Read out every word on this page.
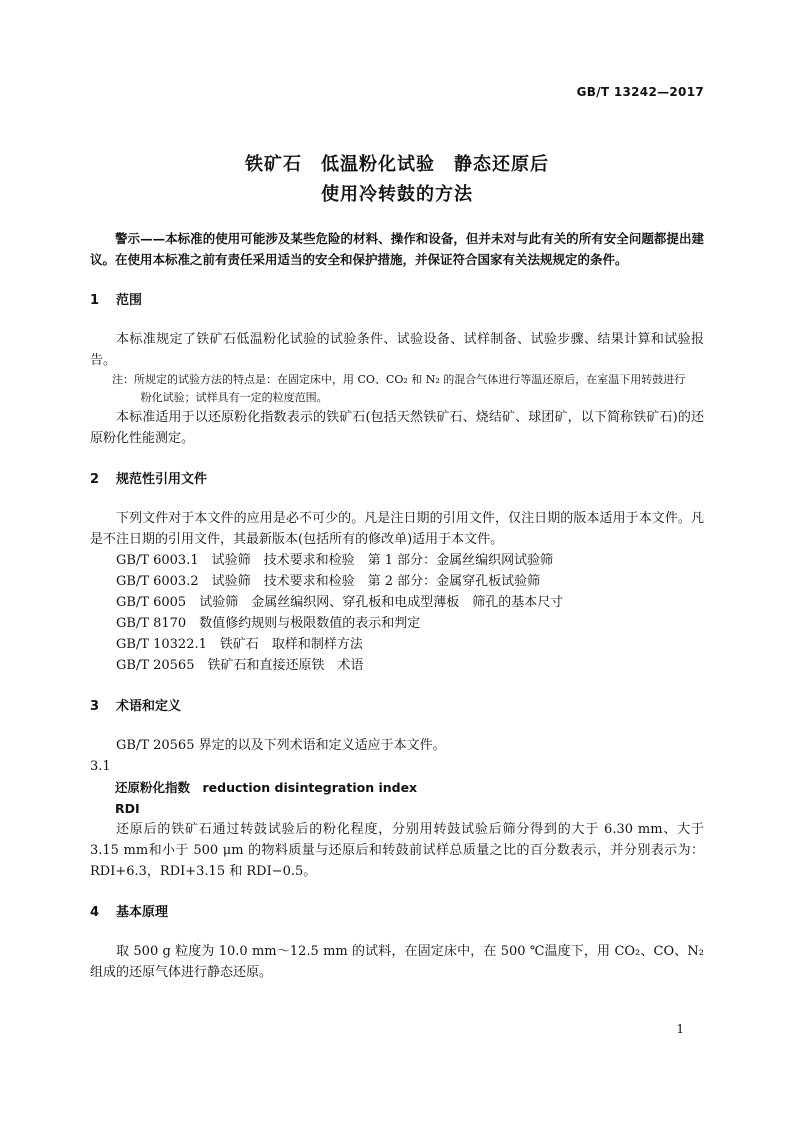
GB/T 13242—2017
铁矿石　低温粉化试验　静态还原后
使用冷转鼓的方法

警示——本标准的使用可能涉及某些危险的材料、操作和设备，但并未对与此有关的所有安全问题都提出建议。在使用本标准之前有责任采用适当的安全和保护措施，并保证符合国家有关法规规定的条件。

1 范围

本标准规定了铁矿石低温粉化试验的试验条件、试验设备、试样制备、试验步骤、结果计算和试验报告。

注：所规定的试验方法的特点是：在固定床中，用 CO、CO₂ 和 N₂ 的混合气体进行等温还原后，在室温下用转鼓进行
粉化试验；试样具有一定的粒度范围。

本标准适用于以还原粉化指数表示的铁矿石(包括天然铁矿石、烧结矿、球团矿，以下简称铁矿石)的还原粉化性能测定。

2 规范性引用文件

下列文件对于本文件的应用是必不可少的。凡是注日期的引用文件，仅注日期的版本适用于本文件。凡是不注日期的引用文件，其最新版本(包括所有的修改单)适用于本文件。

GB/T 6003.1　试验筛　技术要求和检验　第 1 部分：金属丝编织网试验筛
GB/T 6003.2　试验筛　技术要求和检验　第 2 部分：金属穿孔板试验筛
GB/T 6005　试验筛　金属丝编织网、穿孔板和电成型薄板　筛孔的基本尺寸
GB/T 8170　数值修约规则与极限数值的表示和判定
GB/T 10322.1　铁矿石　取样和制样方法
GB/T 20565　铁矿石和直接还原铁　术语
3 术语和定义

GB/T 20565 界定的以及下列术语和定义适应于本文件。

3.1
还原粉化指数　reduction disintegration index
RDI

还原后的铁矿石通过转鼓试验后的粉化程度，分别用转鼓试验后筛分得到的大于 6.30 mm、大于 3.15 mm和小于 500 μm 的物料质量与还原后和转鼓前试样总质量之比的百分数表示，并分别表示为：RDI+6.3，RDI+3.15 和 RDI−0.5。

4 基本原理

取 500 g 粒度为 10.0 mm～12.5 mm 的试料，在固定床中，在 500 ℃温度下，用 CO₂、CO、N₂ 组成的还原气体进行静态还原。

1
